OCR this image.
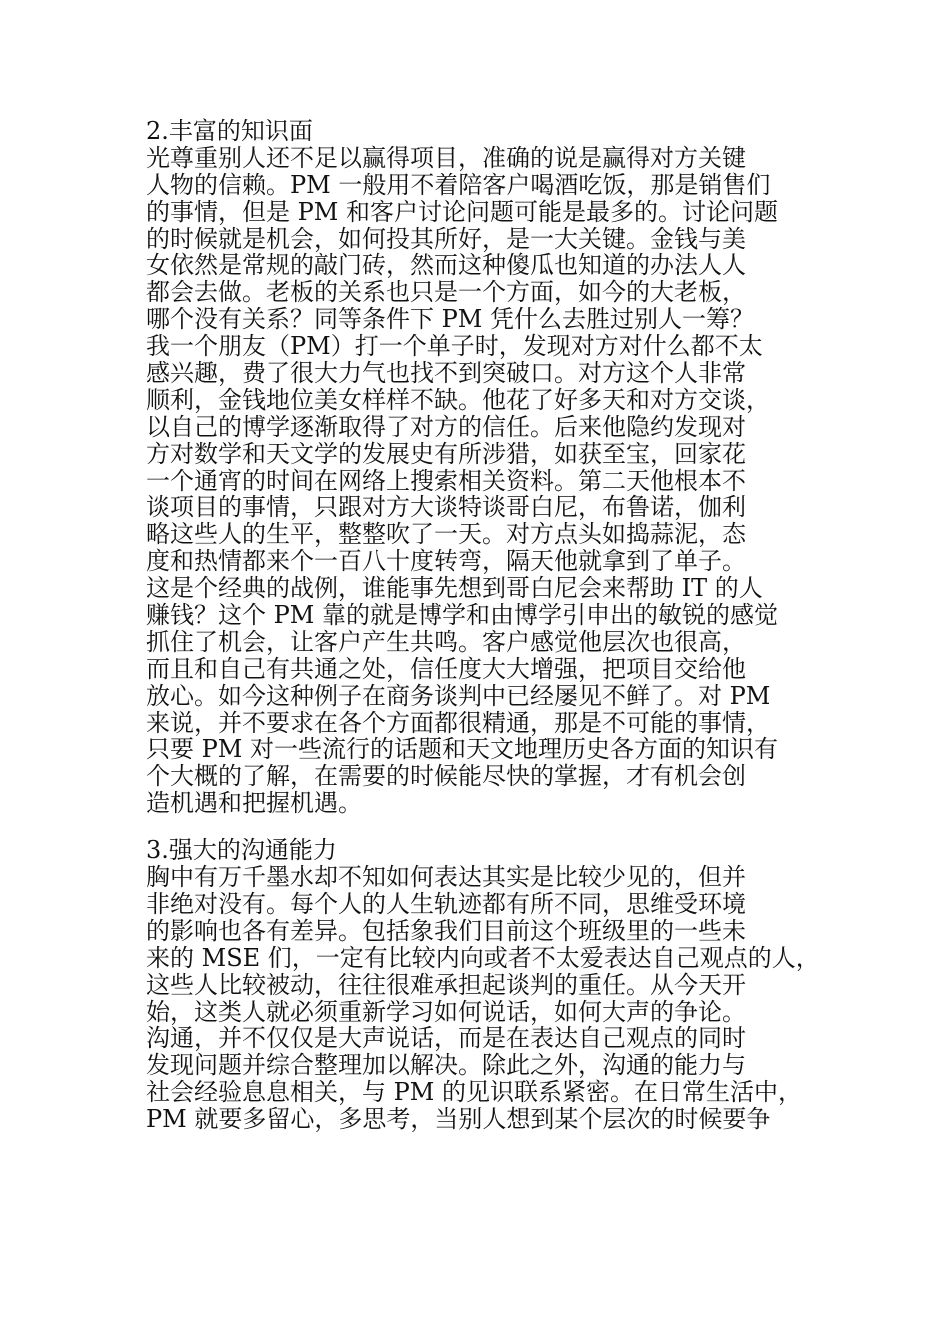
2.丰富的知识面
光尊重别人还不足以赢得项目，准确的说是赢得对方关键
人物的信赖。PM 一般用不着陪客户喝酒吃饭，那是销售们
的事情，但是 PM 和客户讨论问题可能是最多的。讨论问题
的时候就是机会，如何投其所好，是一大关键。金钱与美
女依然是常规的敲门砖，然而这种傻瓜也知道的办法人人
都会去做。老板的关系也只是一个方面，如今的大老板，
哪个没有关系？同等条件下 PM 凭什么去胜过别人一筹？
我一个朋友（PM）打一个单子时，发现对方对什么都不太
感兴趣，费了很大力气也找不到突破口。对方这个人非常
顺利，金钱地位美女样样不缺。他花了好多天和对方交谈，
以自己的博学逐渐取得了对方的信任。后来他隐约发现对
方对数学和天文学的发展史有所涉猎，如获至宝，回家花
一个通宵的时间在网络上搜索相关资料。第二天他根本不
谈项目的事情，只跟对方大谈特谈哥白尼，布鲁诺，伽利
略这些人的生平，整整吹了一天。对方点头如捣蒜泥，态
度和热情都来个一百八十度转弯，隔天他就拿到了单子。
这是个经典的战例，谁能事先想到哥白尼会来帮助 IT 的人
赚钱？这个 PM 靠的就是博学和由博学引申出的敏锐的感觉
抓住了机会，让客户产生共鸣。客户感觉他层次也很高，
而且和自己有共通之处，信任度大大增强，把项目交给他
放心。如今这种例子在商务谈判中已经屡见不鲜了。对 PM
来说，并不要求在各个方面都很精通，那是不可能的事情，
只要 PM 对一些流行的话题和天文地理历史各方面的知识有
个大概的了解，在需要的时候能尽快的掌握，才有机会创
造机遇和把握机遇。
3.强大的沟通能力
胸中有万千墨水却不知如何表达其实是比较少见的，但并
非绝对没有。每个人的人生轨迹都有所不同，思维受环境
的影响也各有差异。包括象我们目前这个班级里的一些未
来的 MSE 们，一定有比较内向或者不太爱表达自己观点的人，
这些人比较被动，往往很难承担起谈判的重任。从今天开
始，这类人就必须重新学习如何说话，如何大声的争论。
沟通，并不仅仅是大声说话，而是在表达自己观点的同时
发现问题并综合整理加以解决。除此之外，沟通的能力与
社会经验息息相关，与 PM 的见识联系紧密。在日常生活中，
PM 就要多留心，多思考，当别人想到某个层次的时候要争
